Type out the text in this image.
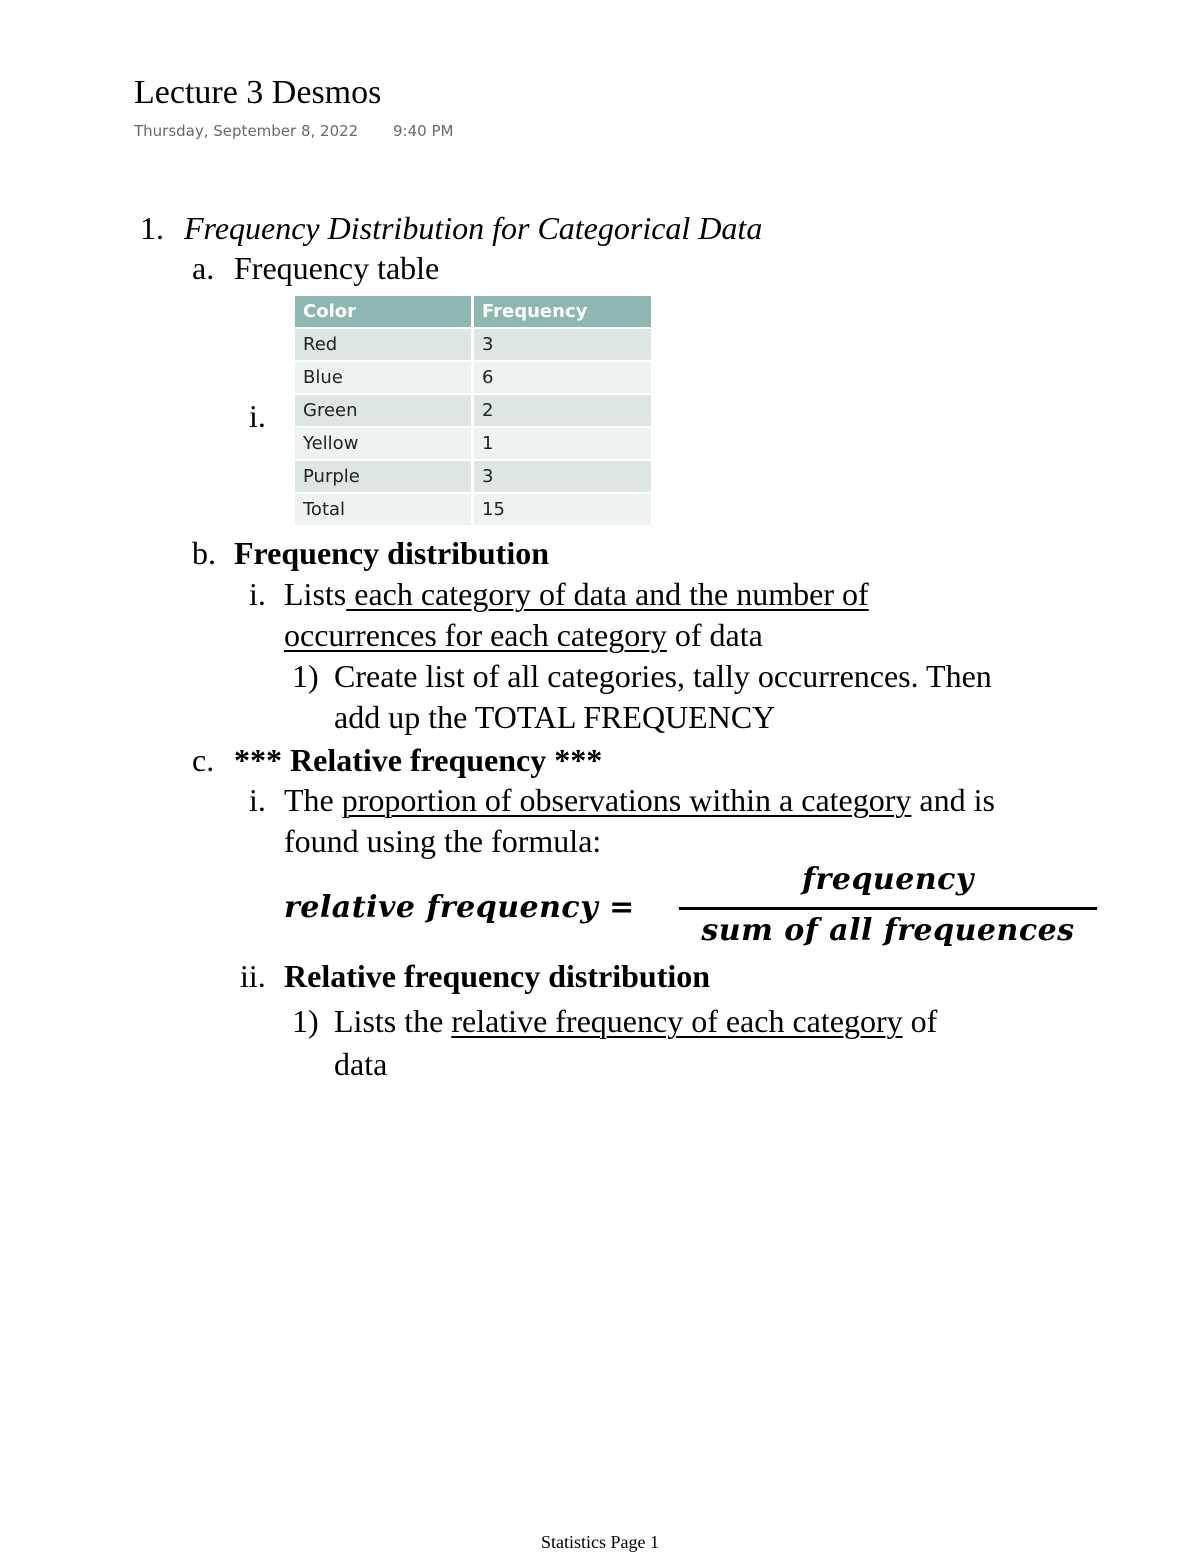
Lecture 3 Desmos
Thursday, September 8, 2022 9:40 PM
1. Frequency Distribution for Categorical Data
a. Frequency table
i.
Color	Frequency
Red	3
Blue	6
Green	2
Yellow	1
Purple	3
Total	15
b. Frequency distribution
i. Lists each category of data and the number of
occurrences for each category of data
1) Create list of all categories, tally occurrences. Then
add up the TOTAL FREQUENCY
c. *** Relative frequency ***
i. The proportion of observations within a category and is
found using the formula:
relative frequency =
frequency
sum of all frequences
ii. Relative frequency distribution
1) Lists the relative frequency of each category of
data
Statistics Page 1
